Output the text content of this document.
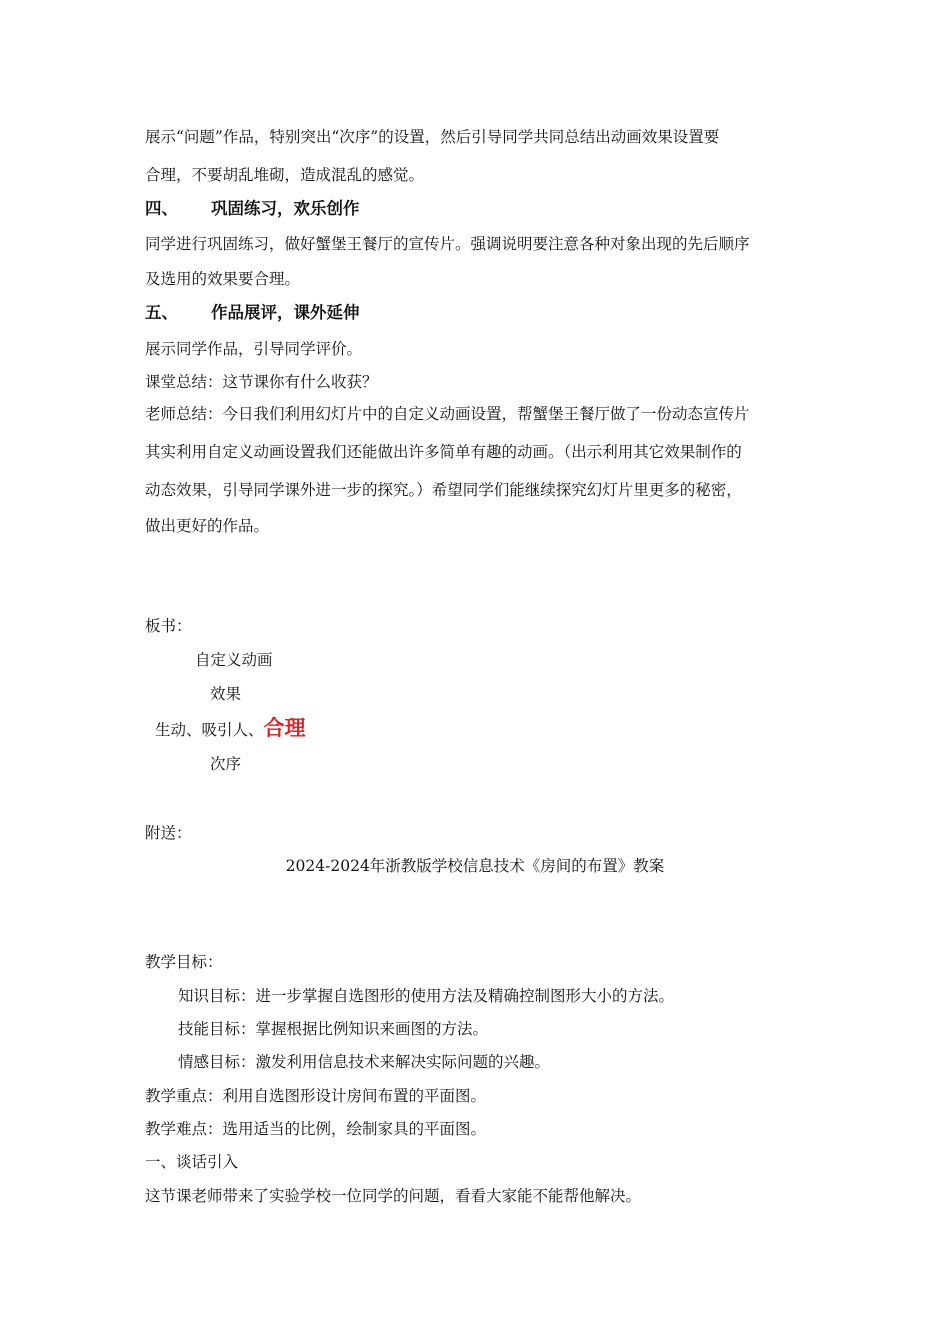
展示“问题”作品，特别突出“次序”的设置，然后引导同学共同总结出动画效果设置要
合理，不要胡乱堆砌，造成混乱的感觉。
四、 巩固练习，欢乐创作
同学进行巩固练习，做好蟹堡王餐厅的宣传片。强调说明要注意各种对象出现的先后顺序
及选用的效果要合理。
五、 作品展评，课外延伸
展示同学作品，引导同学评价。
课堂总结：这节课你有什么收获？
老师总结：今日我们利用幻灯片中的自定义动画设置，帮蟹堡王餐厅做了一份动态宣传片
其实利用自定义动画设置我们还能做出许多简单有趣的动画。（出示利用其它效果制作的
动态效果，引导同学课外进一步的探究。）希望同学们能继续探究幻灯片里更多的秘密，
做出更好的作品。
板书：
自定义动画
效果
生动、吸引人、合理
次序
附送：
2024-2024年浙教版学校信息技术《房间的布置》教案
教学目标：
知识目标：进一步掌握自选图形的使用方法及精确控制图形大小的方法。
技能目标：掌握根据比例知识来画图的方法。
情感目标：激发利用信息技术来解决实际问题的兴趣。
教学重点：利用自选图形设计房间布置的平面图。
教学难点：选用适当的比例，绘制家具的平面图。
一、谈话引入
这节课老师带来了实验学校一位同学的问题，看看大家能不能帮他解决。
